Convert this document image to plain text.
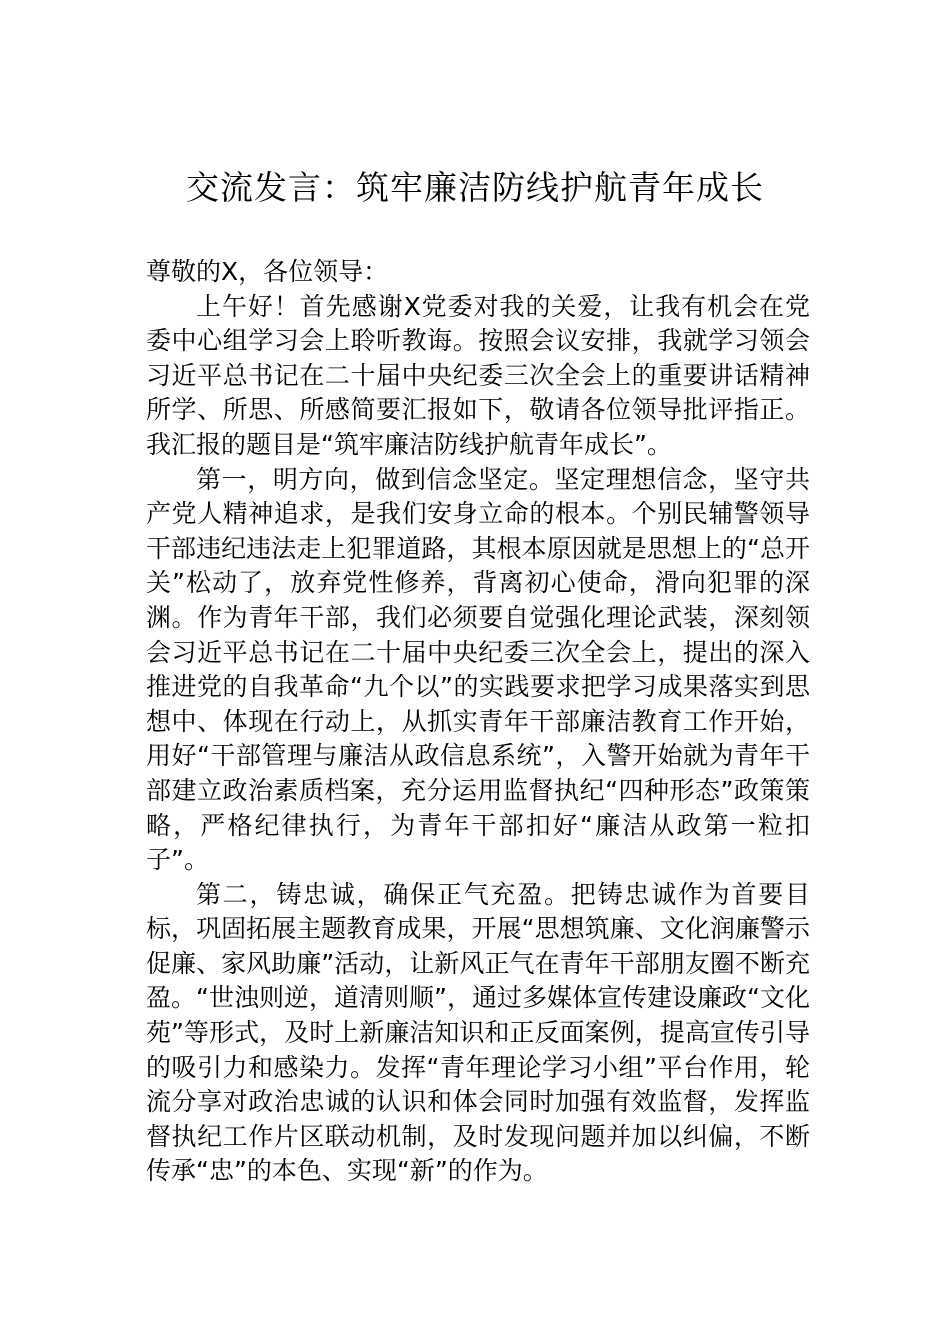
交流发言：筑牢廉洁防线护航青年成长

尊敬的X，各位领导：

上午好！首先感谢X党委对我的关爱，让我有机会在党委中心组学习会上聆听教诲。按照会议安排，我就学习领会习近平总书记在二十届中央纪委三次全会上的重要讲话精神所学、所思、所感简要汇报如下，敬请各位领导批评指正。我汇报的题目是“筑牢廉洁防线护航青年成长”。

第一，明方向，做到信念坚定。坚定理想信念，坚守共产党人精神追求，是我们安身立命的根本。个别民辅警领导干部违纪违法走上犯罪道路，其根本原因就是思想上的“总开关”松动了，放弃党性修养，背离初心使命，滑向犯罪的深渊。作为青年干部，我们必须要自觉强化理论武装，深刻领会习近平总书记在二十届中央纪委三次全会上，提出的深入推进党的自我革命“九个以”的实践要求把学习成果落实到思想中、体现在行动上，从抓实青年干部廉洁教育工作开始，用好“干部管理与廉洁从政信息系统”，入警开始就为青年干部建立政治素质档案，充分运用监督执纪“四种形态”政策策略，严格纪律执行，为青年干部扣好“廉洁从政第一粒扣子”。

第二，铸忠诚，确保正气充盈。把铸忠诚作为首要目标，巩固拓展主题教育成果，开展“思想筑廉、文化润廉警示促廉、家风助廉”活动，让新风正气在青年干部朋友圈不断充盈。“世浊则逆，道清则顺”，通过多媒体宣传建设廉政“文化苑”等形式，及时上新廉洁知识和正反面案例，提高宣传引导的吸引力和感染力。发挥“青年理论学习小组”平台作用，轮流分享对政治忠诚的认识和体会同时加强有效监督，发挥监督执纪工作片区联动机制，及时发现问题并加以纠偏，不断传承“忠”的本色、实现“新”的作为。
